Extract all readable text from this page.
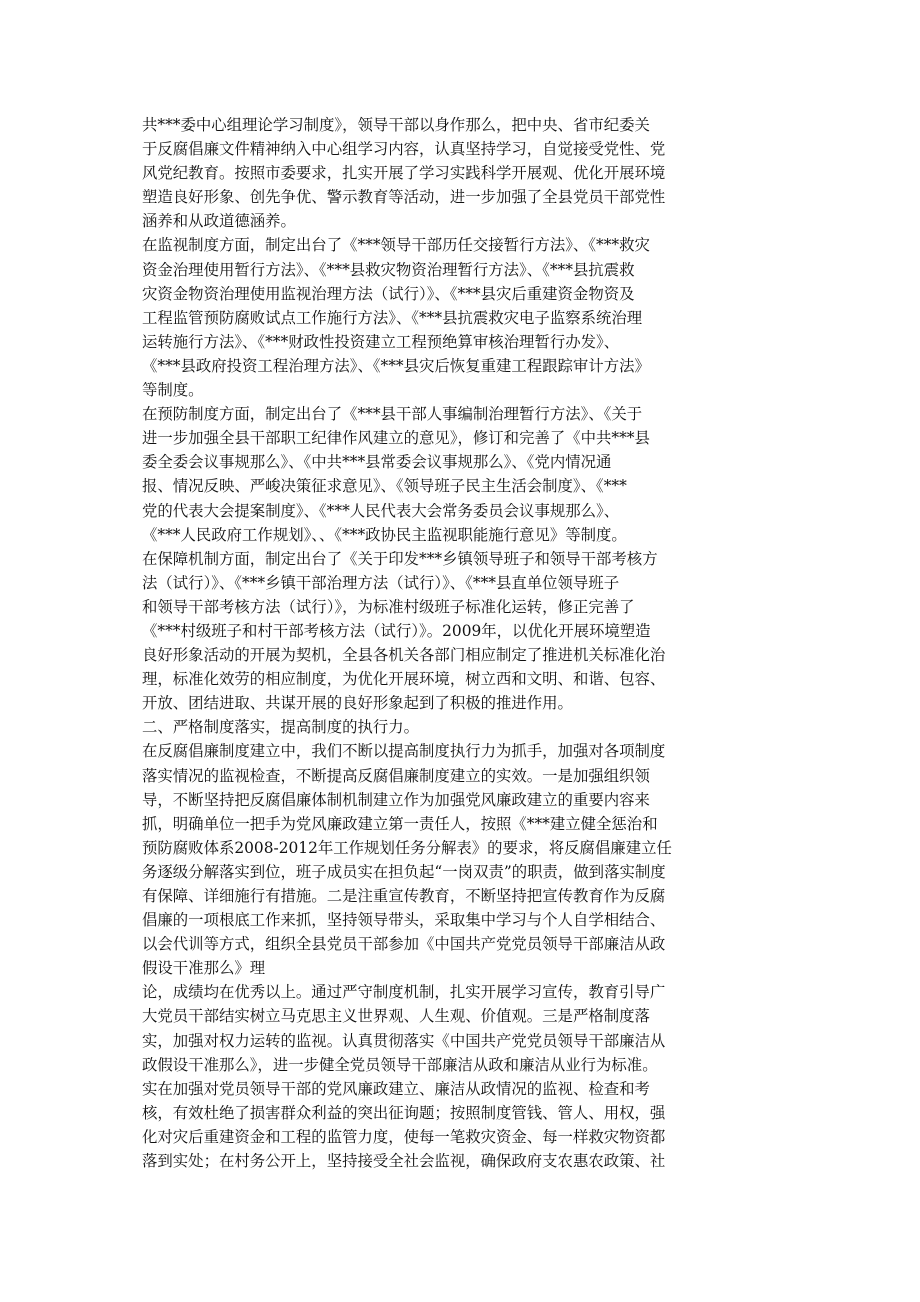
共***委中心组理论学习制度》，领导干部以身作那么，把中央、省市纪委关
于反腐倡廉文件精神纳入中心组学习内容，认真坚持学习，自觉接受党性、党
风党纪教育。按照市委要求，扎实开展了学习实践科学开展观、优化开展环境
塑造良好形象、创先争优、警示教育等活动，进一步加强了全县党员干部党性
涵养和从政道德涵养。
在监视制度方面，制定出台了《***领导干部历任交接暂行方法》、《***救灾
资金治理使用暂行方法》、《***县救灾物资治理暂行方法》、《***县抗震救
灾资金物资治理使用监视治理方法（试行）》、《***县灾后重建资金物资及
工程监管预防腐败试点工作施行方法》、《***县抗震救灾电子监察系统治理
运转施行方法》、《***财政性投资建立工程预绝算审核治理暂行办发》、
《***县政府投资工程治理方法》、《***县灾后恢复重建工程跟踪审计方法》
等制度。
在预防制度方面，制定出台了《***县干部人事编制治理暂行方法》、《关于
进一步加强全县干部职工纪律作风建立的意见》，修订和完善了《中共***县
委全委会议事规那么》、《中共***县常委会议事规那么》、《党内情况通
报、情况反映、严峻决策征求意见》、《领导班子民主生活会制度》、《***
党的代表大会提案制度》、《***人民代表大会常务委员会议事规那么》、
《***人民政府工作规划》、、《***政协民主监视职能施行意见》等制度。
在保障机制方面，制定出台了《关于印发***乡镇领导班子和领导干部考核方
法（试行）》、《***乡镇干部治理方法（试行）》、《***县直单位领导班子
和领导干部考核方法（试行）》，为标准村级班子标准化运转，修正完善了
《***村级班子和村干部考核方法（试行）》。2009年，以优化开展环境塑造
良好形象活动的开展为契机，全县各机关各部门相应制定了推进机关标准化治
理，标准化效劳的相应制度，为优化开展环境，树立西和文明、和谐、包容、
开放、团结进取、共谋开展的良好形象起到了积极的推进作用。
二、严格制度落实，提高制度的执行力。
在反腐倡廉制度建立中，我们不断以提高制度执行力为抓手，加强对各项制度
落实情况的监视检查，不断提高反腐倡廉制度建立的实效。一是加强组织领
导，不断坚持把反腐倡廉体制机制建立作为加强党风廉政建立的重要内容来
抓，明确单位一把手为党风廉政建立第一责任人，按照《***建立健全惩治和
预防腐败体系2008-2012年工作规划任务分解表》的要求，将反腐倡廉建立任
务逐级分解落实到位，班子成员实在担负起“一岗双责”的职责，做到落实制度
有保障、详细施行有措施。二是注重宣传教育，不断坚持把宣传教育作为反腐
倡廉的一项根底工作来抓，坚持领导带头，采取集中学习与个人自学相结合、
以会代训等方式，组织全县党员干部参加《中国共产党党员领导干部廉洁从政
假设干准那么》理
论，成绩均在优秀以上。通过严守制度机制，扎实开展学习宣传，教育引导广
大党员干部结实树立马克思主义世界观、人生观、价值观。三是严格制度落
实，加强对权力运转的监视。认真贯彻落实《中国共产党党员领导干部廉洁从
政假设干准那么》，进一步健全党员领导干部廉洁从政和廉洁从业行为标准。
实在加强对党员领导干部的党风廉政建立、廉洁从政情况的监视、检查和考
核，有效杜绝了损害群众利益的突出征询题；按照制度管钱、管人、用权，强
化对灾后重建资金和工程的监管力度，使每一笔救灾资金、每一样救灾物资都
落到实处；在村务公开上，坚持接受全社会监视，确保政府支农惠农政策、社
